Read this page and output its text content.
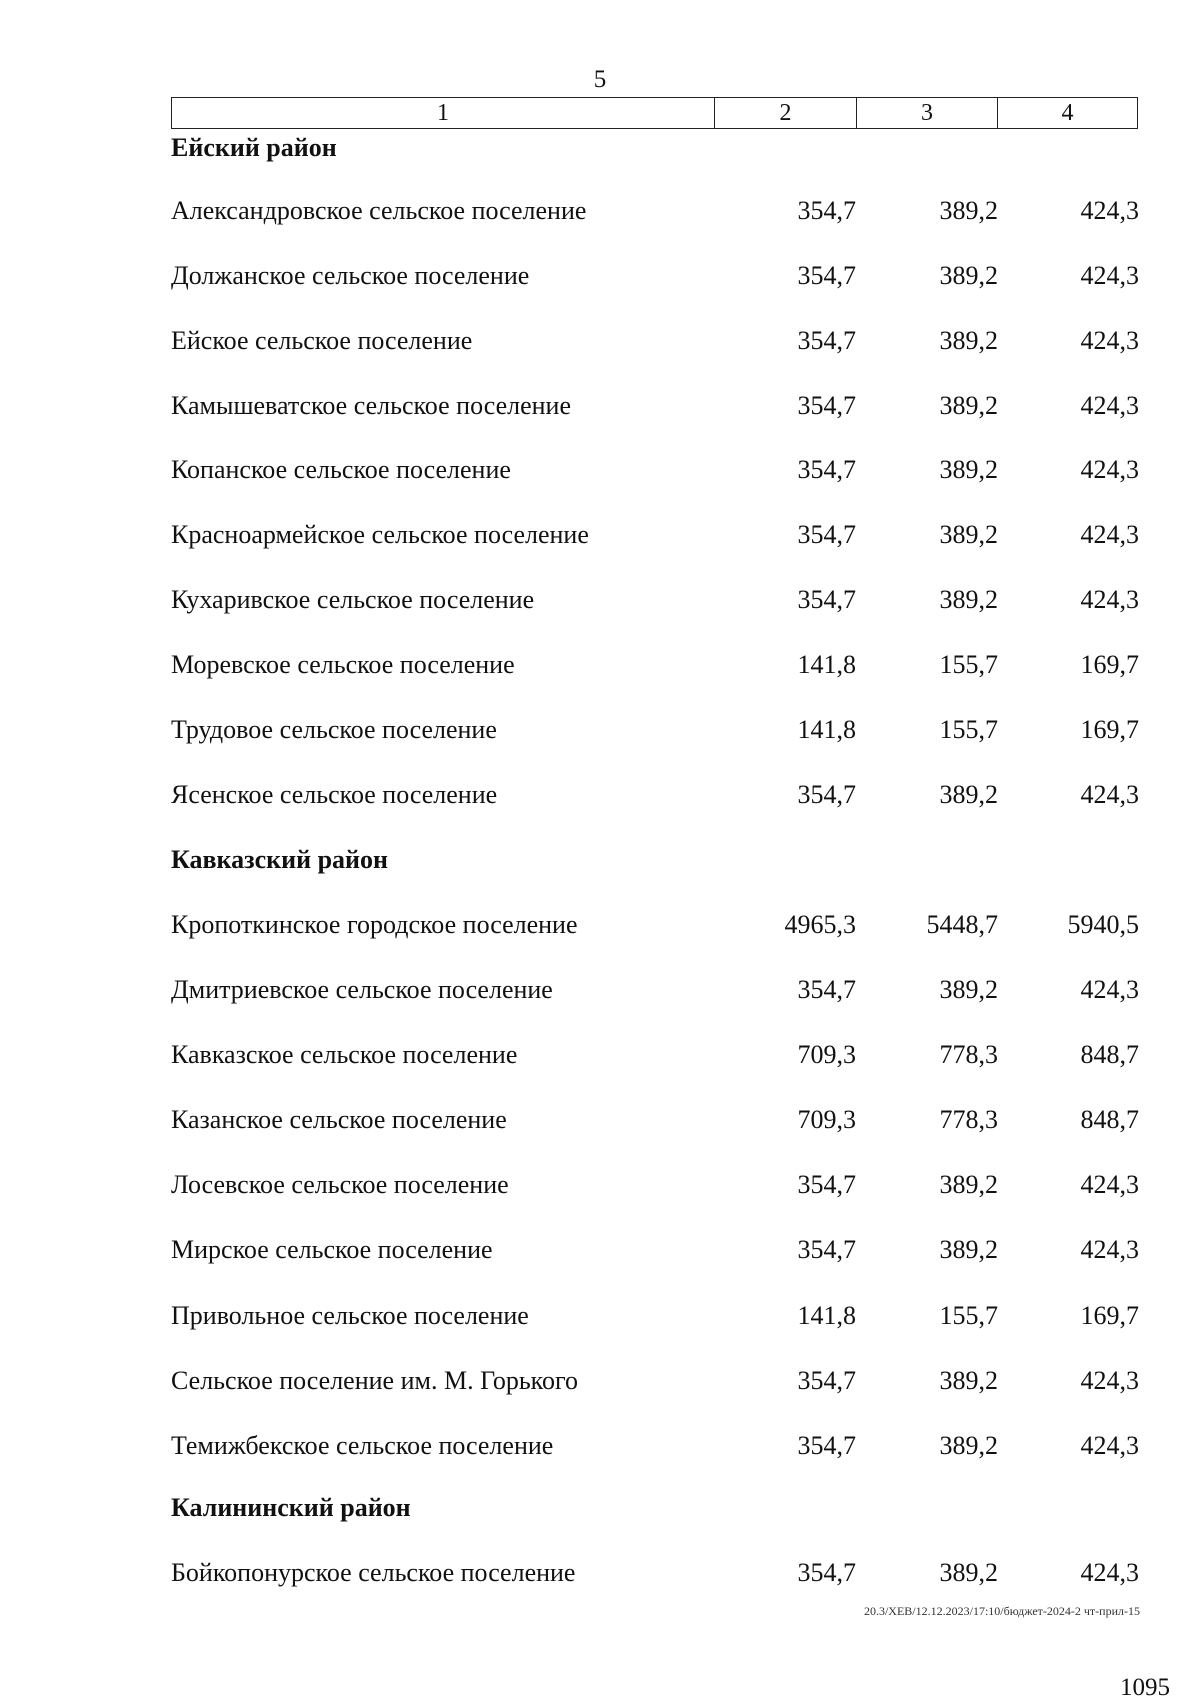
5
1	2	3	4
Ейский район
Александровское сельское поселение	354,7	389,2	424,3
Должанское сельское поселение	354,7	389,2	424,3
Ейское сельское поселение	354,7	389,2	424,3
Камышеватское сельское поселение	354,7	389,2	424,3
Копанское сельское поселение	354,7	389,2	424,3
Красноармейское сельское поселение	354,7	389,2	424,3
Кухаривское сельское поселение	354,7	389,2	424,3
Моревское сельское поселение	141,8	155,7	169,7
Трудовое сельское поселение	141,8	155,7	169,7
Ясенское сельское поселение	354,7	389,2	424,3
Кавказский район
Кропоткинское городское поселение	4965,3	5448,7	5940,5
Дмитриевское сельское поселение	354,7	389,2	424,3
Кавказское сельское поселение	709,3	778,3	848,7
Казанское сельское поселение	709,3	778,3	848,7
Лосевское сельское поселение	354,7	389,2	424,3
Мирское сельское поселение	354,7	389,2	424,3
Привольное сельское поселение	141,8	155,7	169,7
Сельское поселение им. М. Горького	354,7	389,2	424,3
Темижбекское сельское поселение	354,7	389,2	424,3
Калининский район
Бойкопонурское сельское поселение	354,7	389,2	424,3
20.3/ХЕВ/12.12.2023/17:10/бюджет-2024-2 чт-прил-15
1095
